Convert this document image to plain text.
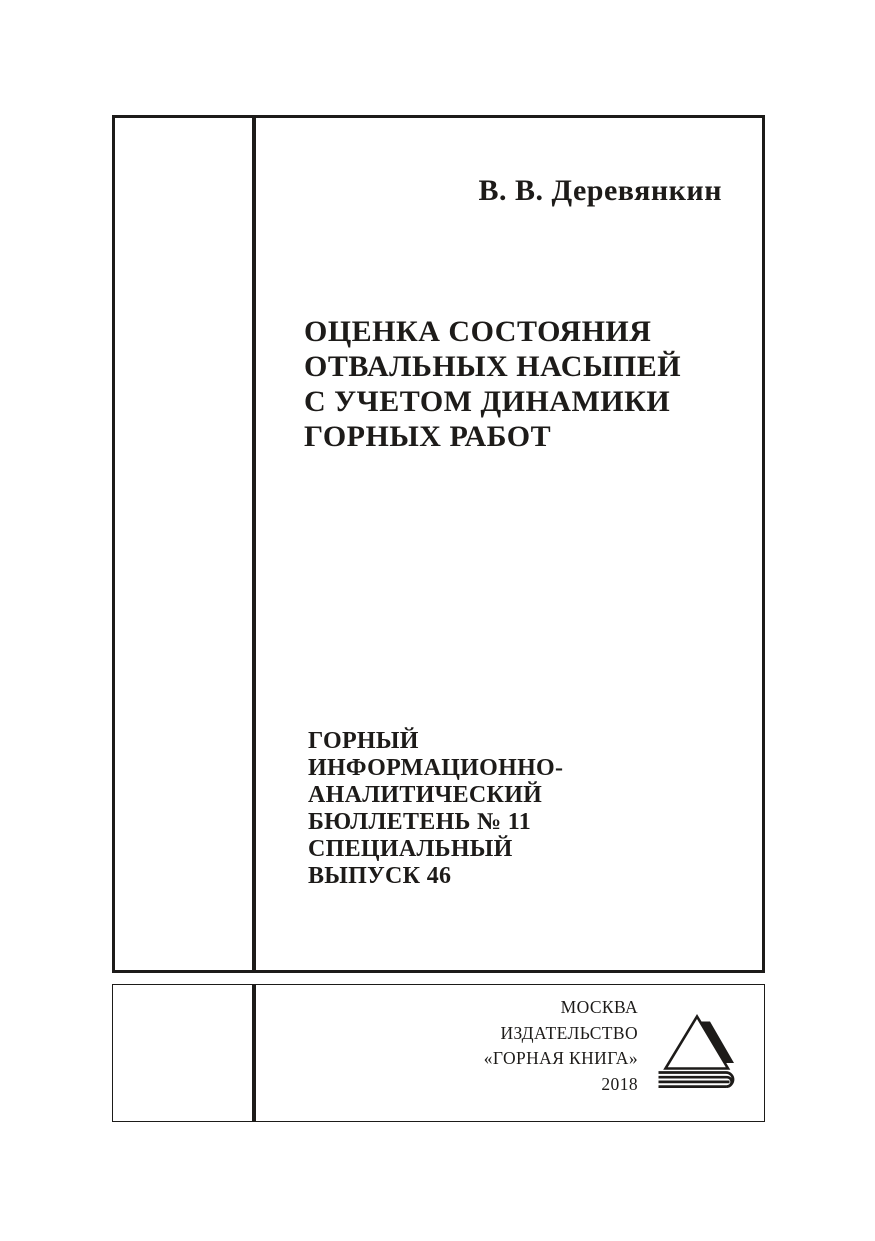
В. В. Деревянкин
ОЦЕНКА СОСТОЯНИЯ
ОТВАЛЬНЫХ НАСЫПЕЙ
С УЧЕТОМ ДИНАМИКИ
ГОРНЫХ РАБОТ
ГОРНЫЙ
ИНФОРМАЦИОННО-
АНАЛИТИЧЕСКИЙ
БЮЛЛЕТЕНЬ № 11
СПЕЦИАЛЬНЫЙ
ВЫПУСК 46
МОСКВА
ИЗДАТЕЛЬСТВО
«ГОРНАЯ КНИГА»
2018
